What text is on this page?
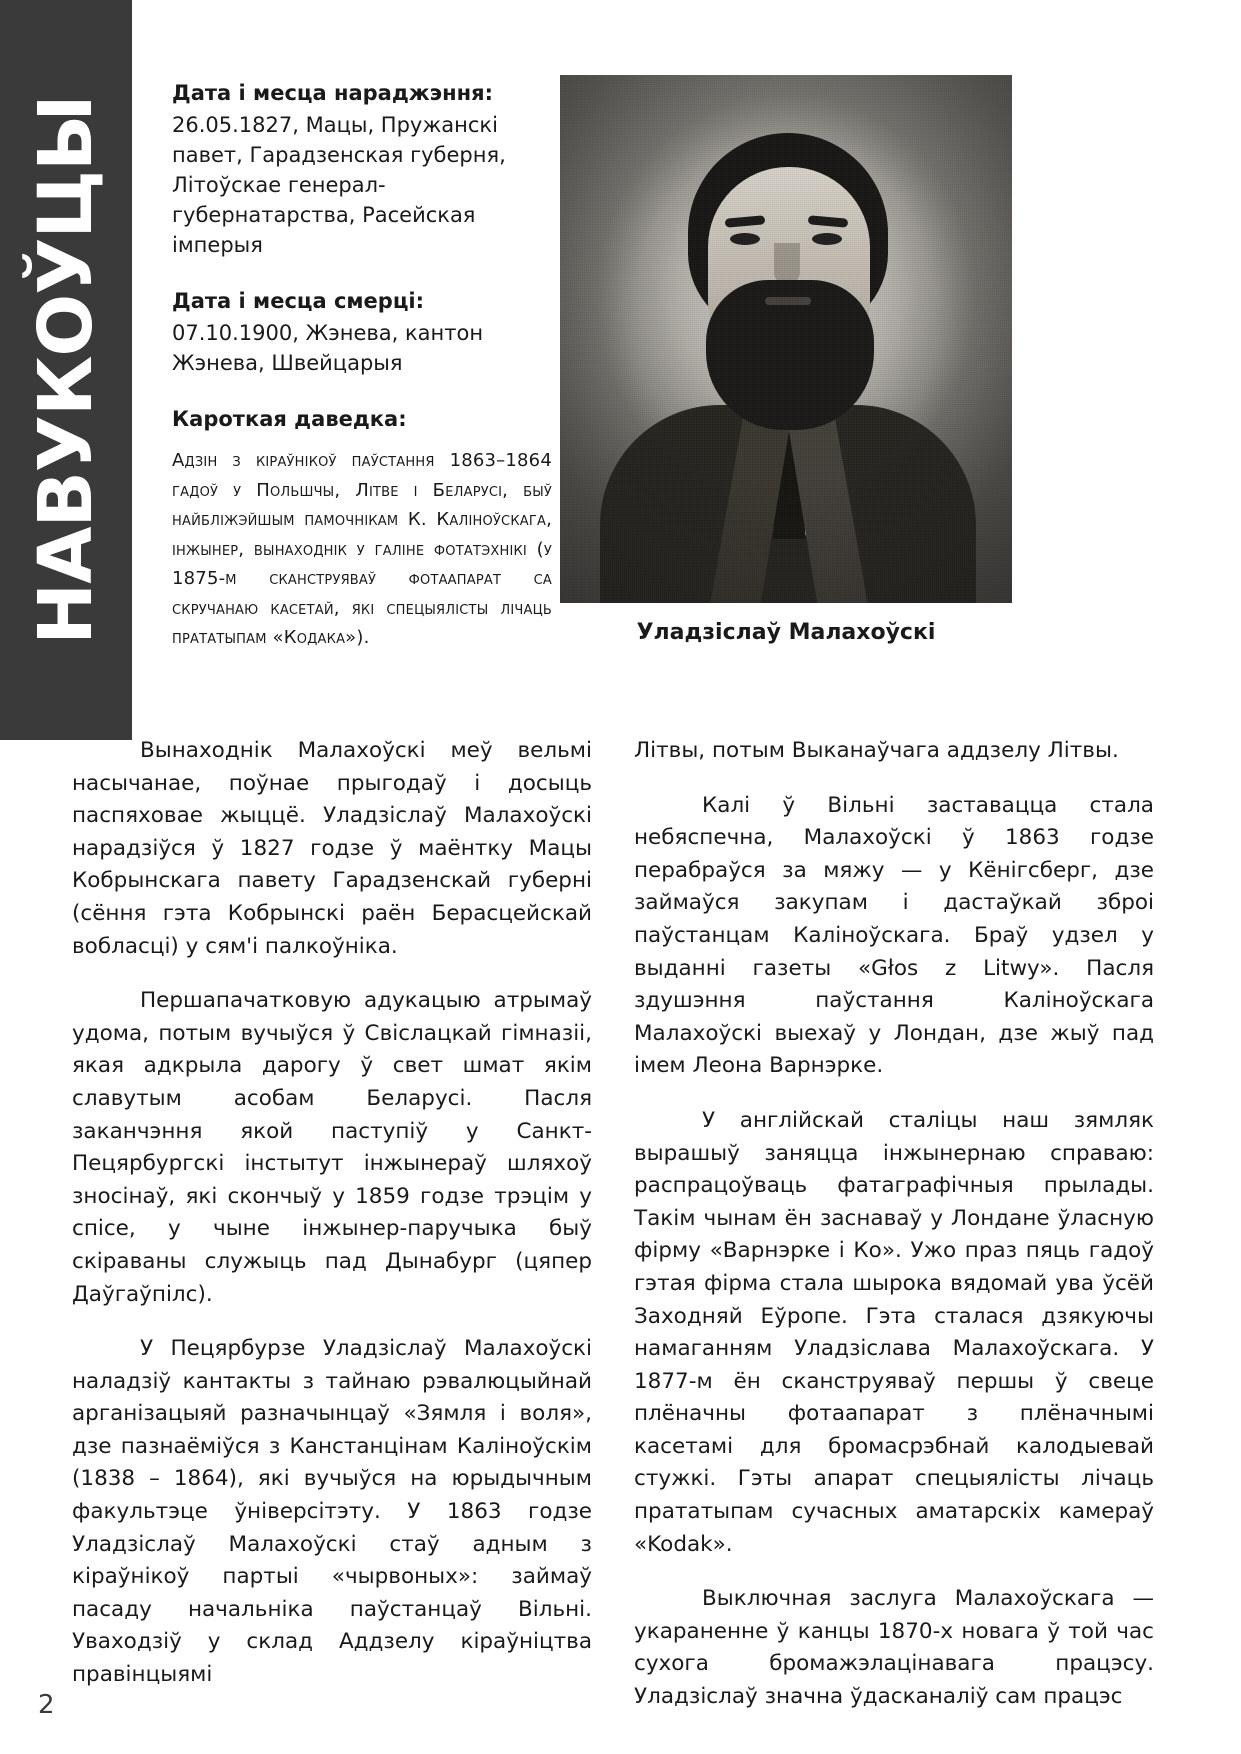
НАВУКОЎЦЫ
Дата і месца нараджэння:
26.05.1827, Мацы, Пружанскі павет, Гарадзенская губерня, Літоўскае генерал-губернатарства, Расейская імперыя
Дата і месца смерці:
07.10.1900, Жэнева, кантон Жэнева, Швейцарыя
Кароткая даведка:
Адзін з кіраўнікоў паўстання 1863–1864 гадоў у Польшчы, Літве і Беларусі, быў найбліжэйшым памочнікам К. Каліноўскага, інжынер, вынаходнік у галіне фотатэхнікі (у 1875-м сканструяваў фотаапарат са скручанаю касетай, які спецыялісты лічаць прататыпам «Кодака»).	Уладзіслаў Малахоўскі

Вынаходнік Малахоўскі меў вельмі насычанае, поўнае прыгодаў і досыць паспяховае жыццё. Уладзіслаў Малахоўскі нарадзіўся ў 1827 годзе ў маёнтку Мацы Кобрынскага павету Гарадзенскай губерні (сёння гэта Кобрынскі раён Берасцейскай вобласці) у сям'і палкоўніка.

Першапачатковую адукацыю атрымаў удома, потым вучыўся ў Свіслацкай гімназіі, якая адкрыла дарогу ў свет шмат якім славутым асобам Беларусі. Пасля заканчэння якой паступіў у Санкт-Пецярбургскі інстытут інжынераў шляхоў зносінаў, які скончыў у 1859 годзе трэцім у спісе, у чыне інжынер-паручыка быў скіраваны служыць пад Дынабург (цяпер Даўгаўпілс).

У Пецярбурзе Уладзіслаў Малахоўскі наладзіў кантакты з тайнаю рэвалюцыйнай арганізацыяй разначынцаў «Зямля і воля», дзе пазнаёміўся з Канстанцінам Каліноўскім (1838 – 1864), які вучыўся на юрыдычным факультэце ўніверсітэту. У 1863 годзе Уладзіслаў Малахоўскі стаў адным з кіраўнікоў партыі «чырвоных»: займаў пасаду начальніка паўстанцаў Вільні. Уваходзіў у склад Аддзелу кіраўніцтва правінцыямі

Літвы, потым Выканаўчага аддзелу Літвы.

Калі ў Вільні заставацца стала небяспечна, Малахоўскі ў 1863 годзе перабраўся за мяжу — у Кёнігсберг, дзе займаўся закупам і дастаўкай зброі паўстанцам Каліноўскага. Браў удзел у выданні газеты «Głos z Litwy». Пасля здушэння паўстання Каліноўскага Малахоўскі выехаў у Лондан, дзе жыў пад імем Леона Варнэрке.

У англійскай сталіцы наш зямляк вырашыў заняцца інжынернаю справаю: распрацоўваць фатаграфічныя прылады. Такім чынам ён заснаваў у Лондане ўласную фірму «Варнэрке і Ко». Ужо праз пяць гадоў гэтая фірма стала шырока вядомай ува ўсёй Заходняй Еўропе. Гэта сталася дзякуючы намаганням Уладзіслава Малахоўскага. У 1877-м ён сканструяваў першы ў свеце плёначны фотаапарат з плёначнымі касетамі для бромасрэбнай калодыевай стужкі. Гэты апарат спецыялісты лічаць прататыпам сучасных аматарскіх камераў «Kodak».

Выключная заслуга Малахоўскага — укараненне ў канцы 1870-х новага ў той час сухога бромажэлацінавага працэсу. Уладзіслаў значна ўдасканаліў сам працэс

2
